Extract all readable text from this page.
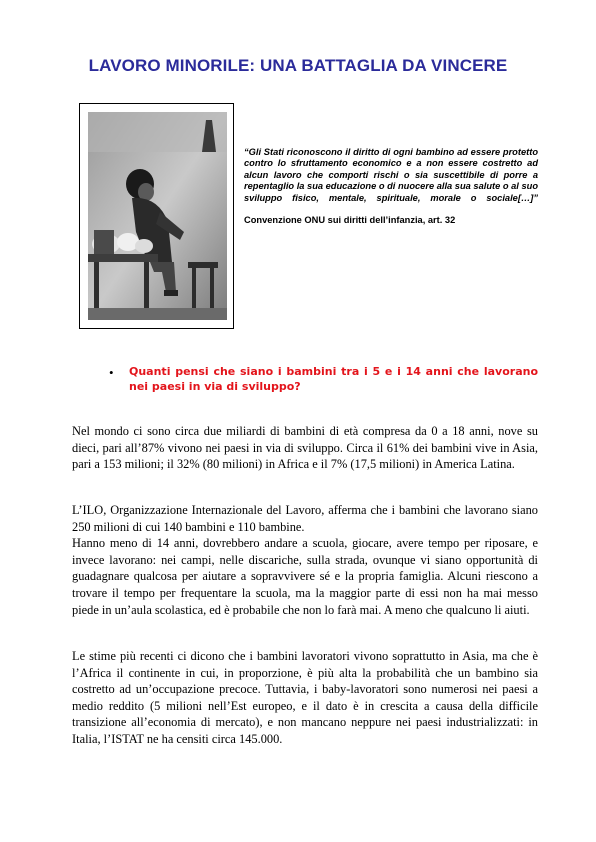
LAVORO MINORILE: UNA BATTAGLIA DA VINCERE
“Gli Stati riconoscono il diritto di ogni bambino ad essere protetto contro lo sfruttamento economico e a non essere costretto ad alcun lavoro che comporti rischi o sia suscettibile di porre a repentaglio la sua educazione o di nuocere alla sua salute o al suo sviluppo fisico, mentale, spirituale, morale o sociale[…]”
Convenzione ONU sui diritti dell’infanzia, art. 32
• Quanti pensi che siano i bambini tra i 5 e i 14 anni che lavorano nei paesi in via di sviluppo?

Nel mondo ci sono circa due miliardi di bambini di età compresa da 0 a 18 anni, nove su dieci, pari all’87% vivono nei paesi in via di sviluppo. Circa il 61% dei bambini vive in Asia, pari a 153 milioni; il 32% (80 milioni) in Africa e il 7% (17,5 milioni) in America Latina.

L’ILO, Organizzazione Internazionale del Lavoro, afferma che i bambini che lavorano siano 250 milioni di cui 140 bambini e 110 bambine.

Hanno meno di 14 anni, dovrebbero andare a scuola, giocare, avere tempo per riposare, e invece lavorano: nei campi, nelle discariche, sulla strada, ovunque vi siano opportunità di guadagnare qualcosa per aiutare a sopravvivere sé e la propria famiglia. Alcuni riescono a trovare il tempo per frequentare la scuola, ma la maggior parte di essi non ha mai messo piede in un’aula scolastica, ed è probabile che non lo farà mai. A meno che qualcuno li aiuti.

Le stime più recenti ci dicono che i bambini lavoratori vivono soprattutto in Asia, ma che è l’Africa il continente in cui, in proporzione, è più alta la probabilità che un bambino sia costretto ad un’occupazione precoce. Tuttavia, i baby-lavoratori sono numerosi nei paesi a medio reddito (5 milioni nell’Est europeo, e il dato è in crescita a causa della difficile transizione all’economia di mercato), e non mancano neppure nei paesi industrializzati: in Italia, l’ISTAT ne ha censiti circa 145.000.
